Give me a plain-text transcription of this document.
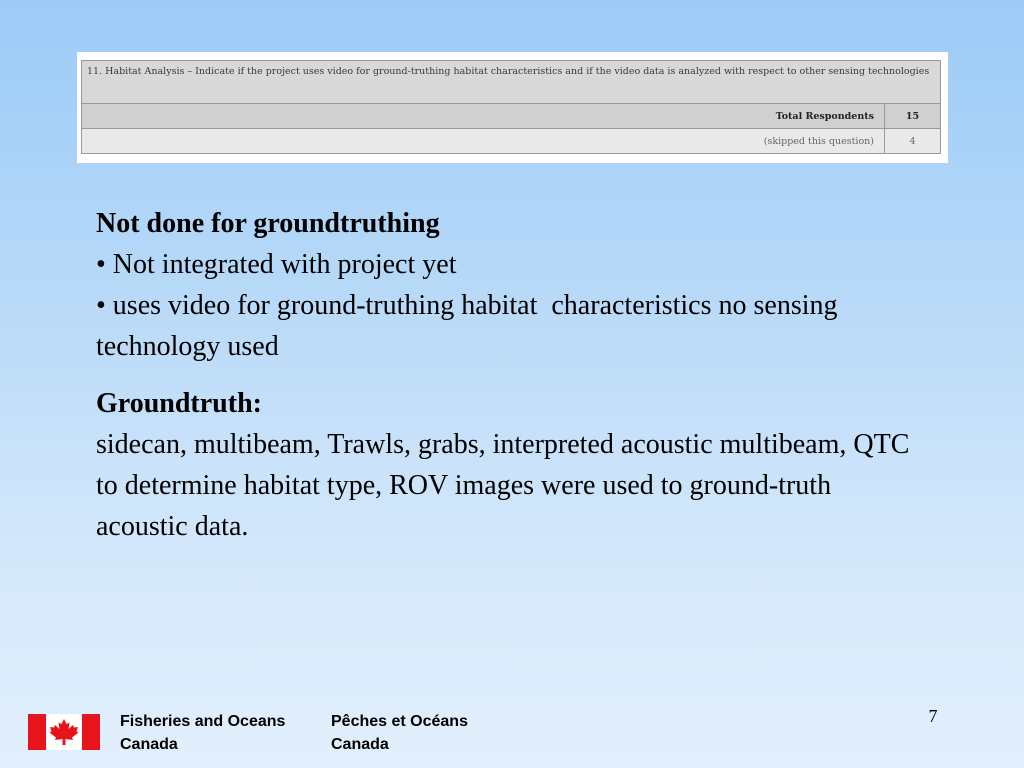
11. Habitat Analysis – Indicate if the project uses video for ground-truthing habitat characteristics and if the video data is analyzed with respect to other sensing technologies	
Total Respondents	15
(skipped this question)	4

Not done for groundtruthing

• Not integrated with project yet

• uses video for ground-truthing habitat  characteristics no sensing technology used

Groundtruth:

sidecan, multibeam, Trawls, grabs, interpreted acoustic multibeam, QTC to determine habitat type, ROV images were used to ground-truth acoustic data.

7
Fisheries and Oceans
Canada
Pêches et Océans
Canada
